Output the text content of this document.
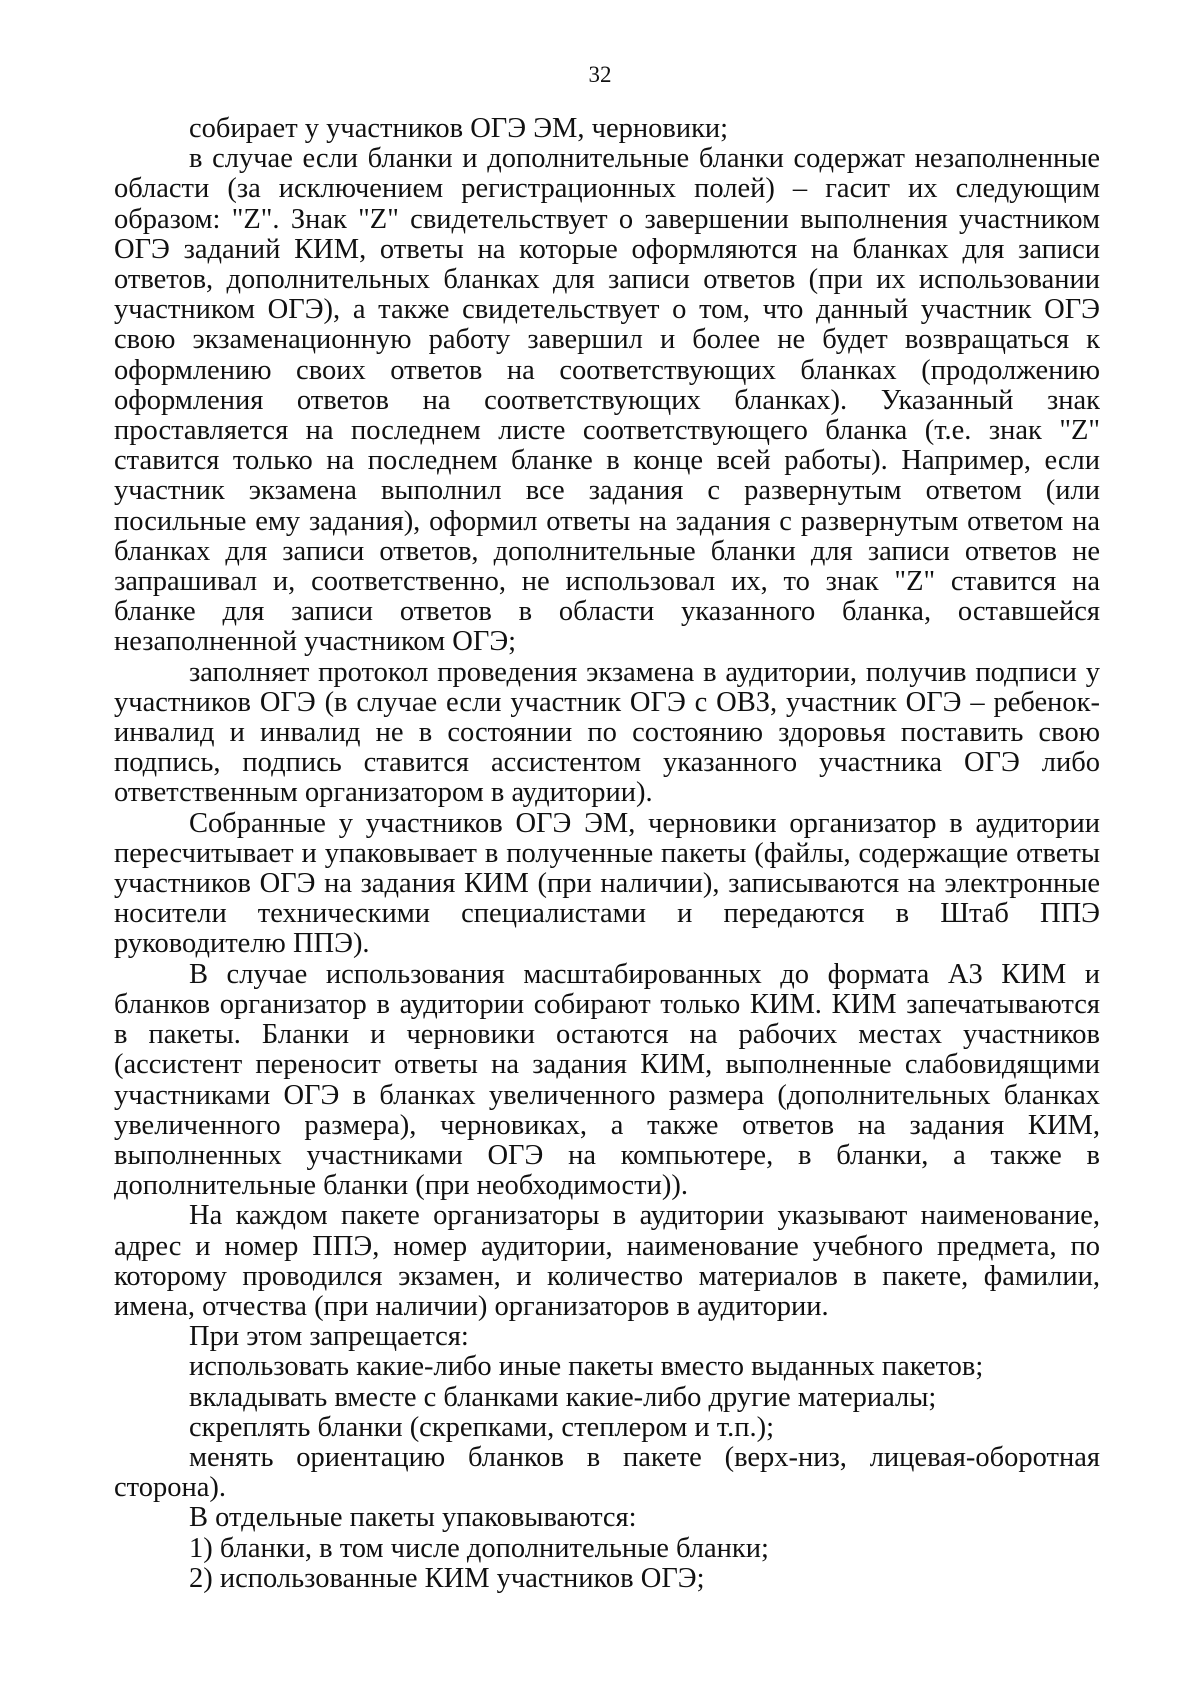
32

собирает у участников ОГЭ ЭМ, черновики;

в случае если бланки и дополнительные бланки содержат незаполненные области (за исключением регистрационных полей) – гасит их следующим образом: "Z". Знак "Z" свидетельствует о завершении выполнения участником ОГЭ заданий КИМ, ответы на которые оформляются на бланках для записи ответов, дополнительных бланках для записи ответов (при их использовании участником ОГЭ), а также свидетельствует о том, что данный участник ОГЭ свою экзаменационную работу завершил и более не будет возвращаться к оформлению своих ответов на соответствующих бланках (продолжению оформления ответов на соответствующих бланках). Указанный знак проставляется на последнем листе соответствующего бланка (т.е. знак "Z" ставится только на последнем бланке в конце всей работы). Например, если участник экзамена выполнил все задания с развернутым ответом (или посильные ему задания), оформил ответы на задания с развернутым ответом на бланках для записи ответов, дополнительные бланки для записи ответов не запрашивал и, соответственно, не использовал их, то знак "Z" ставится на бланке для записи ответов в области указанного бланка, оставшейся незаполненной участником ОГЭ;

заполняет протокол проведения экзамена в аудитории, получив подписи у участников ОГЭ (в случае если участник ОГЭ с ОВЗ, участник ОГЭ – ребенок-инвалид и инвалид не в состоянии по состоянию здоровья поставить свою подпись, подпись ставится ассистентом указанного участника ОГЭ либо ответственным организатором в аудитории).

Собранные у участников ОГЭ ЭМ, черновики организатор в аудитории пересчитывает и упаковывает в полученные пакеты (файлы, содержащие ответы участников ОГЭ на задания КИМ (при наличии), записываются на электронные носители техническими специалистами и передаются в Штаб ППЭ руководителю ППЭ).

В случае использования масштабированных до формата А3 КИМ и бланков организатор в аудитории собирают только КИМ. КИМ запечатываются в пакеты. Бланки и черновики остаются на рабочих местах участников (ассистент переносит ответы на задания КИМ, выполненные слабовидящими участниками ОГЭ в бланках увеличенного размера (дополнительных бланках увеличенного размера), черновиках, а также ответов на задания КИМ, выполненных участниками ОГЭ на компьютере, в бланки, а также в дополнительные бланки (при необходимости)).

На каждом пакете организаторы в аудитории указывают наименование, адрес и номер ППЭ, номер аудитории, наименование учебного предмета, по которому проводился экзамен, и количество материалов в пакете, фамилии, имена, отчества (при наличии) организаторов в аудитории.

При этом запрещается:

использовать какие-либо иные пакеты вместо выданных пакетов;

вкладывать вместе с бланками какие-либо другие материалы;

скреплять бланки (скрепками, степлером и т.п.);

менять ориентацию бланков в пакете (верх-низ, лицевая-оборотная сторона).

В отдельные пакеты упаковываются:

1) бланки, в том числе дополнительные бланки;

2) использованные КИМ участников ОГЭ;
